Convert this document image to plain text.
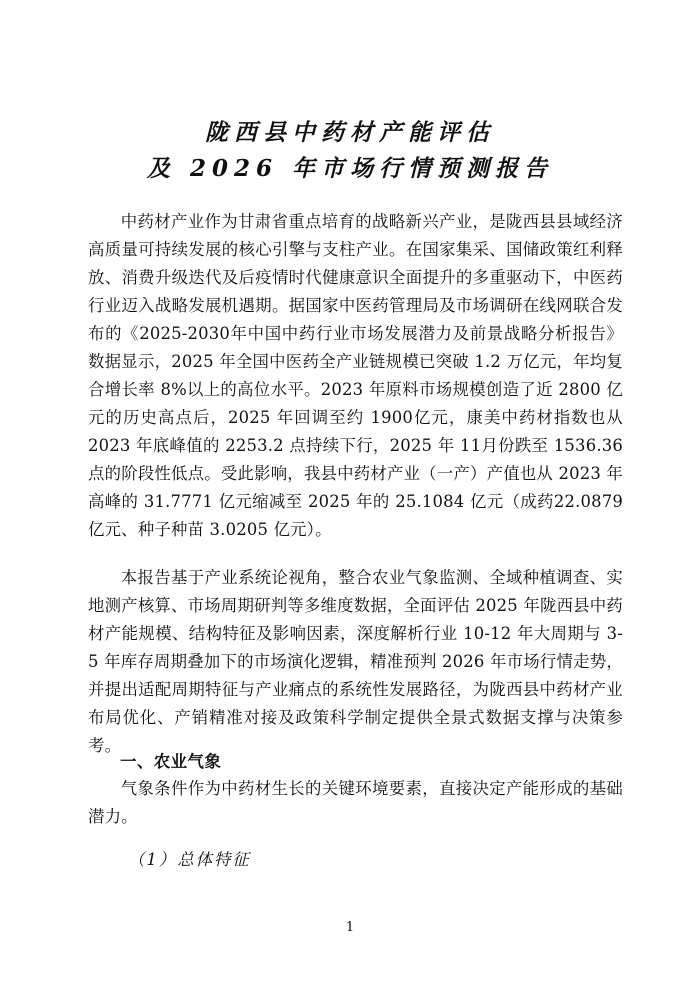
陇西县中药材产能评估
及 2026 年市场行情预测报告

中药材产业作为甘肃省重点培育的战略新兴产业，是陇西县县域经济高质量可持续发展的核心引擎与支柱产业。在国家集采、国储政策红利释放、消费升级迭代及后疫情时代健康意识全面提升的多重驱动下，中医药行业迈入战略发展机遇期。据国家中医药管理局及市场调研在线网联合发布的《2025-2030年中国中药行业市场发展潜力及前景战略分析报告》数据显示，2025 年全国中医药全产业链规模已突破 1.2 万亿元，年均复合增长率 8%以上的高位水平。2023 年原料市场规模创造了近 2800 亿元的历史高点后，2025 年回调至约 1900亿元，康美中药材指数也从 2023 年底峰值的 2253.2 点持续下行，2025 年 11月份跌至 1536.36 点的阶段性低点。受此影响，我县中药材产业（一产）产值也从 2023 年高峰的 31.7771 亿元缩减至 2025 年的 25.1084 亿元（成药22.0879 亿元、种子种苗 3.0205 亿元）。

本报告基于产业系统论视角，整合农业气象监测、全域种植调查、实地测产核算、市场周期研判等多维度数据，全面评估 2025 年陇西县中药材产能规模、结构特征及影响因素，深度解析行业 10-12 年大周期与 3-5 年库存周期叠加下的市场演化逻辑，精准预判 2026 年市场行情走势，并提出适配周期特征与产业痛点的系统性发展路径，为陇西县中药材产业布局优化、产销精准对接及政策科学制定提供全景式数据支撑与决策参考。

一、农业气象

气象条件作为中药材生长的关键环境要素，直接决定产能形成的基础潜力。

（1）总体特征
1
